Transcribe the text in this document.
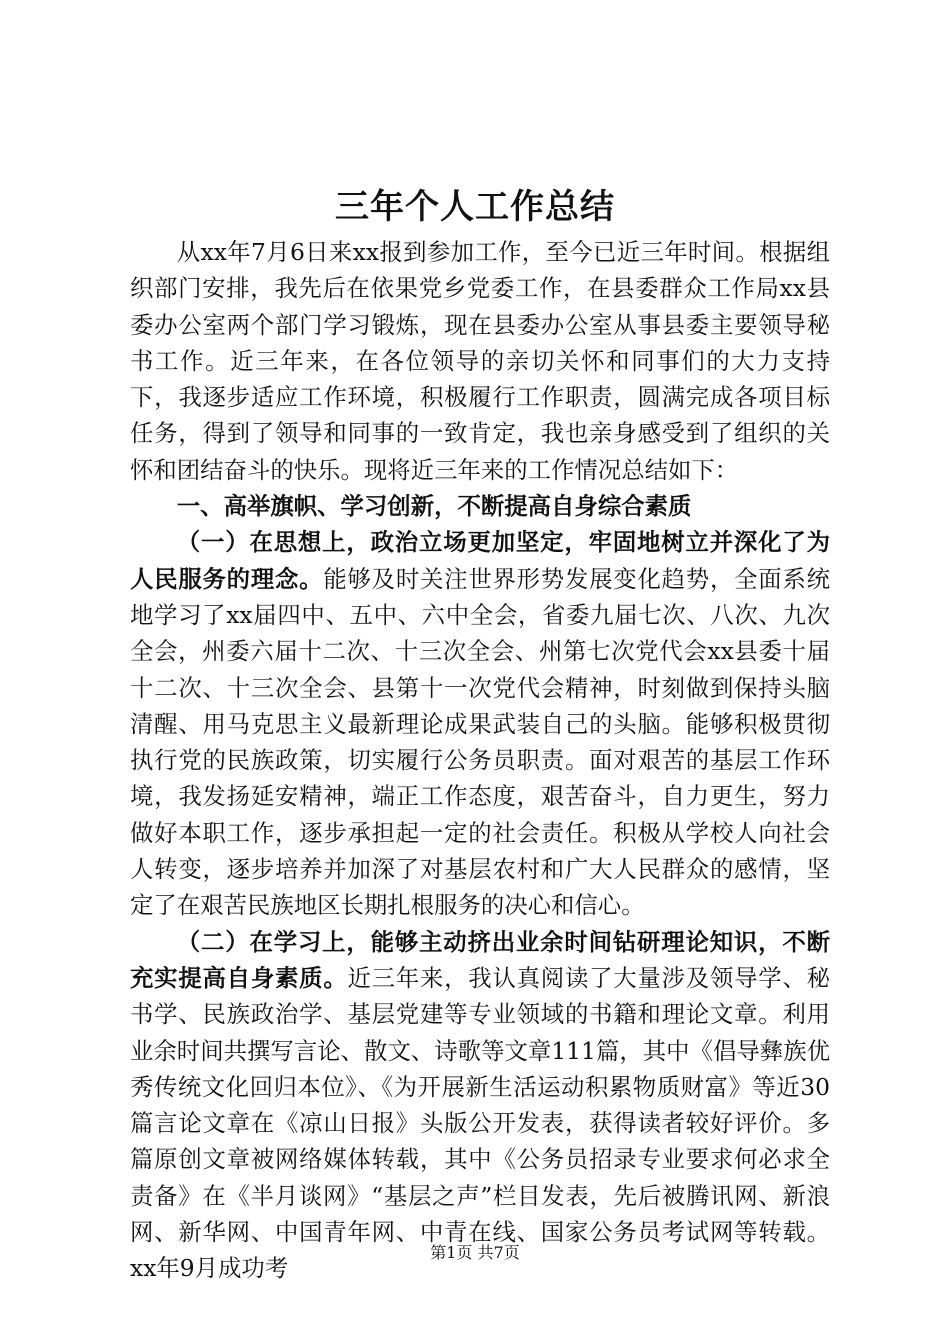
三年个人工作总结

从xx年7月6日来xx报到参加工作，至今已近三年时间。根据组织部门安排，我先后在依果党乡党委工作，在县委群众工作局xx县委办公室两个部门学习锻炼，现在县委办公室从事县委主要领导秘书工作。近三年来，在各位领导的亲切关怀和同事们的大力支持下，我逐步适应工作环境，积极履行工作职责，圆满完成各项目标任务，得到了领导和同事的一致肯定，我也亲身感受到了组织的关怀和团结奋斗的快乐。现将近三年来的工作情况总结如下：

一、高举旗帜、学习创新，不断提高自身综合素质

（一）在思想上，政治立场更加坚定，牢固地树立并深化了为人民服务的理念。能够及时关注世界形势发展变化趋势，全面系统地学习了xx届四中、五中、六中全会，省委九届七次、八次、九次全会，州委六届十二次、十三次全会、州第七次党代会xx县委十届十二次、十三次全会、县第十一次党代会精神，时刻做到保持头脑清醒、用马克思主义最新理论成果武装自己的头脑。能够积极贯彻执行党的民族政策，切实履行公务员职责。面对艰苦的基层工作环境，我发扬延安精神，端正工作态度，艰苦奋斗，自力更生，努力做好本职工作，逐步承担起一定的社会责任。积极从学校人向社会人转变，逐步培养并加深了对基层农村和广大人民群众的感情，坚定了在艰苦民族地区长期扎根服务的决心和信心。

（二）在学习上，能够主动挤出业余时间钻研理论知识，不断充实提高自身素质。近三年来，我认真阅读了大量涉及领导学、秘书学、民族政治学、基层党建等专业领域的书籍和理论文章。利用业余时间共撰写言论、散文、诗歌等文章111篇，其中《倡导彝族优秀传统文化回归本位》、《为开展新生活运动积累物质财富》等近30篇言论文章在《凉山日报》头版公开发表，获得读者较好评价。多篇原创文章被网络媒体转载，其中《公务员招录专业要求何必求全责备》在《半月谈网》“基层之声”栏目发表，先后被腾讯网、新浪网、新华网、中国青年网、中青在线、国家公务员考试网等转载。xx年9月成功考

第1页 共7页
